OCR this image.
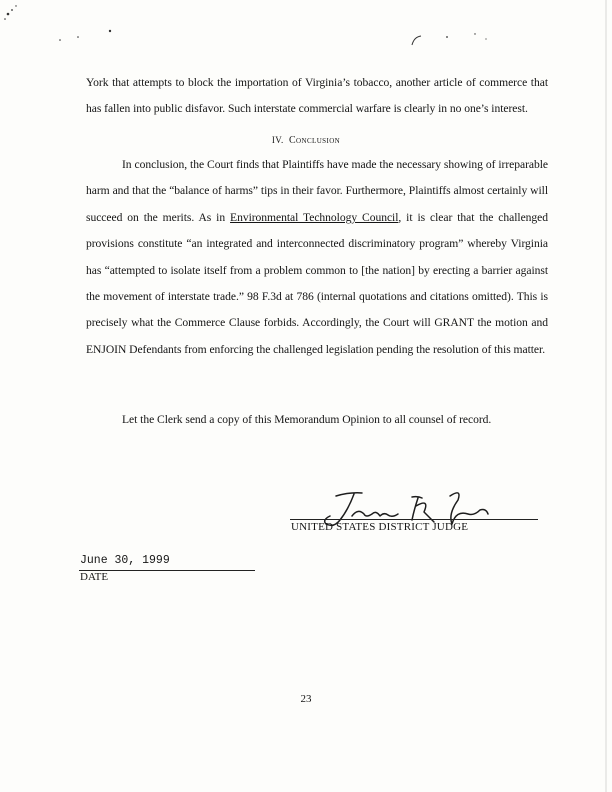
York that attempts to block the importation of Virginia’s tobacco, another article of commerce that has fallen into public disfavor. Such interstate commercial warfare is clearly in no one’s interest.

IV. Conclusion

In conclusion, the Court finds that Plaintiffs have made the necessary showing of irreparable harm and that the “balance of harms” tips in their favor. Furthermore, Plaintiffs almost certainly will succeed on the merits. As in Environmental Technology Council, it is clear that the challenged provisions constitute “an integrated and interconnected discriminatory program” whereby Virginia has “attempted to isolate itself from a problem common to [the nation] by erecting a barrier against the movement of interstate trade.” 98 F.3d at 786 (internal quotations and citations omitted). This is precisely what the Commerce Clause forbids. Accordingly, the Court will GRANT the motion and ENJOIN Defendants from enforcing the challenged legislation pending the resolution of this matter.

Let the Clerk send a copy of this Memorandum Opinion to all counsel of record.

UNITED STATES DISTRICT JUDGE
June 30, 1999
DATE
23
